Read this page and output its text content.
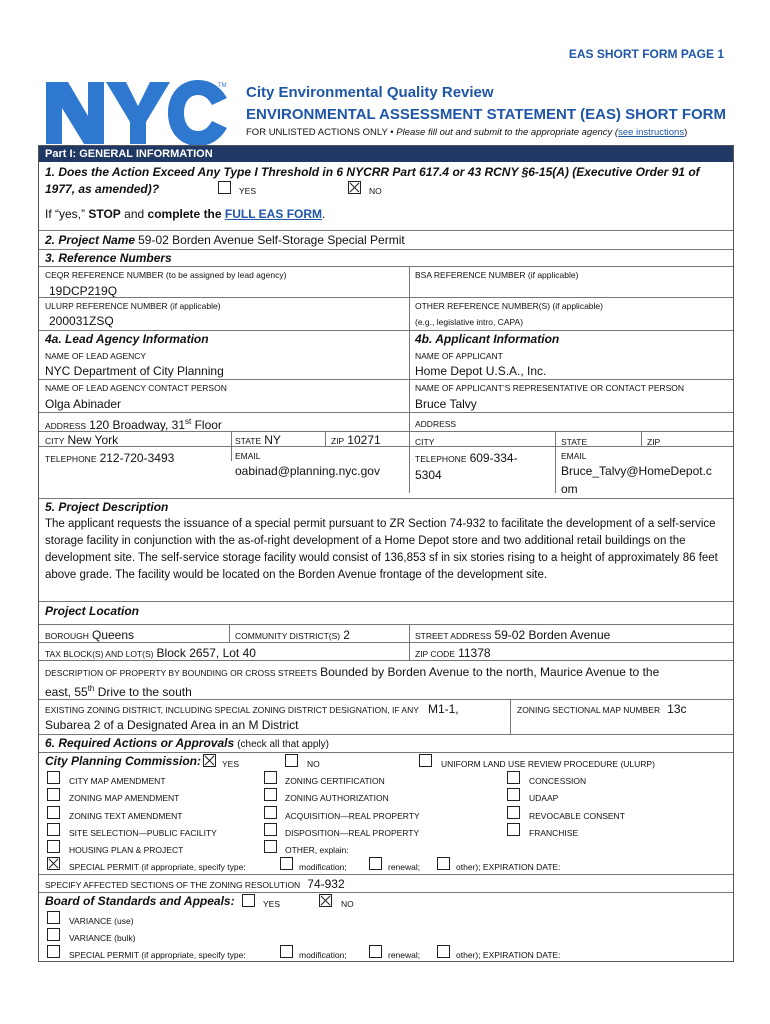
EAS SHORT FORM PAGE 1
TM City Environmental Quality Review
ENVIRONMENTAL ASSESSMENT STATEMENT (EAS) SHORT FORM
FOR UNLISTED ACTIONS ONLY • Please fill out and submit to the appropriate agency (see instructions)
Part I: GENERAL INFORMATION
1. Does the Action Exceed Any Type I Threshold in 6 NYCRR Part 617.4 or 43 RCNY §6-15(A) (Executive Order 91 of
1977, as amended)?	YES	NO
If “yes,” STOP and complete the FULL EAS FORM.
2. Project Name 59-02 Borden Avenue Self-Storage Special Permit
3. Reference Numbers
CEQR REFERENCE NUMBER (to be assigned by lead agency)
19DCP219Q
BSA REFERENCE NUMBER (if applicable)
ULURP REFERENCE NUMBER (if applicable)
200031ZSQ
OTHER REFERENCE NUMBER(S) (if applicable)
(e.g., legislative intro, CAPA)
4a. Lead Agency Information
NAME OF LEAD AGENCY
NYC Department of City Planning
4b. Applicant Information
NAME OF APPLICANT
Home Depot U.S.A., Inc.
NAME OF LEAD AGENCY CONTACT PERSON
Olga Abinader
NAME OF APPLICANT’S REPRESENTATIVE OR CONTACT PERSON
Bruce Talvy
ADDRESS 120 Broadway, 31st Floor	ADDRESS
CITY New York	STATE NY	ZIP 10271	CITY	STATE	ZIP
TELEPHONE 212-720-3493	EMAIL
oabinad@planning.nyc.gov
TELEPHONE 609-334-
5304
EMAIL
Bruce_Talvy@HomeDepot.c
om
5. Project Description
The applicant requests the issuance of a special permit pursuant to ZR Section 74-932 to facilitate the development of a self-service storage facility in conjunction with the as-of-right development of a Home Depot store and two additional retail buildings on the development site. The self-service storage facility would consist of 136,853 sf in six stories rising to a height of approximately 86 feet above grade. The facility would be located on the Borden Avenue frontage of the development site.
Project Location
BOROUGH Queens	COMMUNITY DISTRICT(S) 2	STREET ADDRESS 59-02 Borden Avenue
TAX BLOCK(S) AND LOT(S) Block 2657, Lot 40	ZIP CODE 11378
DESCRIPTION OF PROPERTY BY BOUNDING OR CROSS STREETS Bounded by Borden Avenue to the north, Maurice Avenue to the
east, 55th Drive to the south
EXISTING ZONING DISTRICT, INCLUDING SPECIAL ZONING DISTRICT DESIGNATION, IF ANY M1-1,
Subarea 2 of a Designated Area in an M District
ZONING SECTIONAL MAP NUMBER 13c
6. Required Actions or Approvals (check all that apply)
City Planning Commission: YES	NO	UNIFORM LAND USE REVIEW PROCEDURE (ULURP)
CITY MAP AMENDMENT
ZONING MAP AMENDMENT
ZONING TEXT AMENDMENT
SITE SELECTION—PUBLIC FACILITY
HOUSING PLAN & PROJECT
ZONING CERTIFICATION
ZONING AUTHORIZATION
ACQUISITION—REAL PROPERTY
DISPOSITION—REAL PROPERTY
OTHER, explain:
CONCESSION
UDAAP
REVOCABLE CONSENT
FRANCHISE
SPECIAL PERMIT (if appropriate, specify type:	modification;	renewal;	other); EXPIRATION DATE:
SPECIFY AFFECTED SECTIONS OF THE ZONING RESOLUTION 74-932
Board of Standards and Appeals:	YES	NO
VARIANCE (use)
VARIANCE (bulk)
SPECIAL PERMIT (if appropriate, specify type:	modification;	renewal;	other); EXPIRATION DATE:
